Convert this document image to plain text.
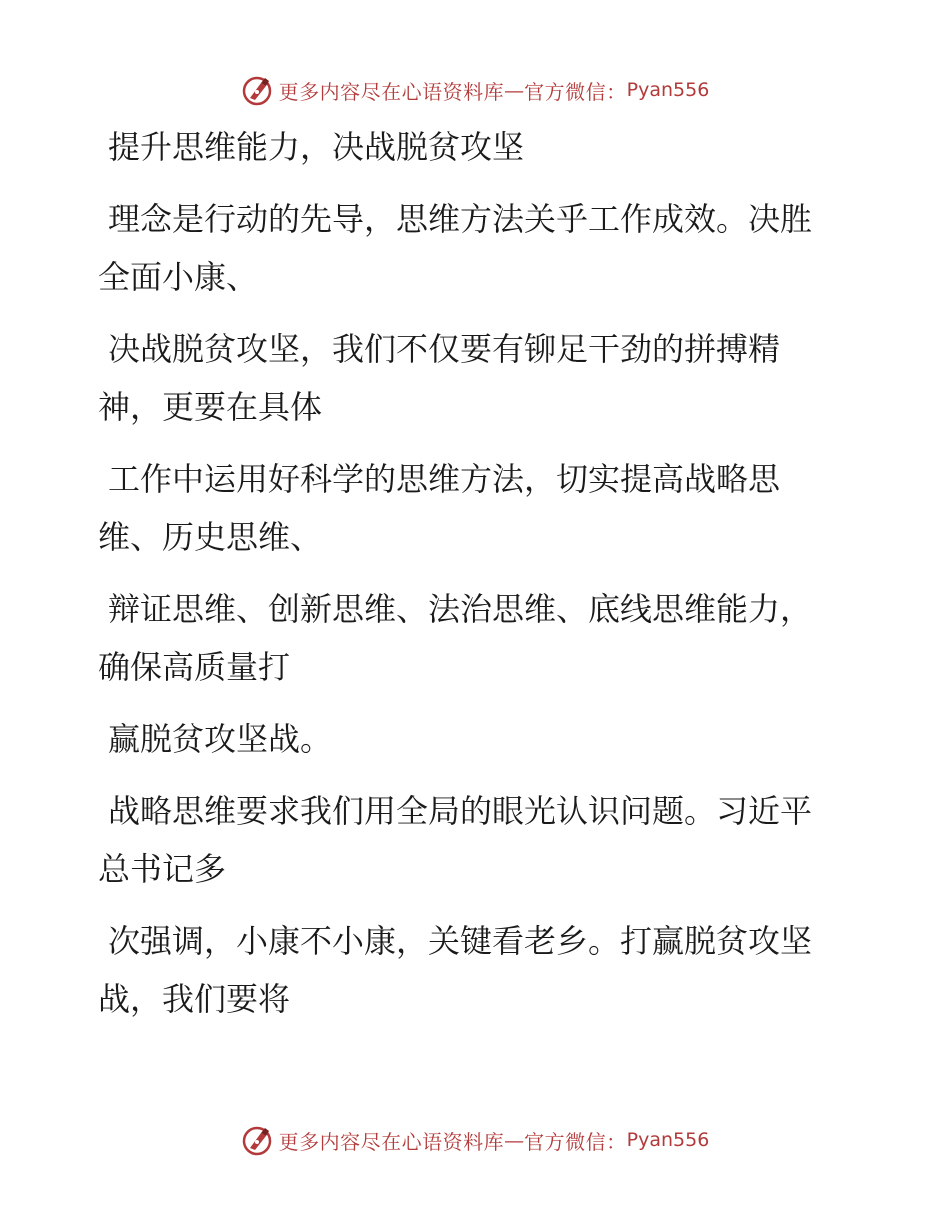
更多内容尽在心语资料库 — 官方微信： Pyan556

提升思维能力，决战脱贫攻坚

理念是行动的先导，思维方法关乎工作成效。决胜全面小康、

决战脱贫攻坚，我们不仅要有铆足干劲的拼搏精神，更要在具体

工作中运用好科学的思维方法，切实提高战略思维、历史思维、

辩证思维、创新思维、法治思维、底线思维能力，确保高质量打

赢脱贫攻坚战。

战略思维要求我们用全局的眼光认识问题。习近平总书记多

次强调，小康不小康，关键看老乡。打赢脱贫攻坚战，我们要将

更多内容尽在心语资料库 — 官方微信： Pyan556
